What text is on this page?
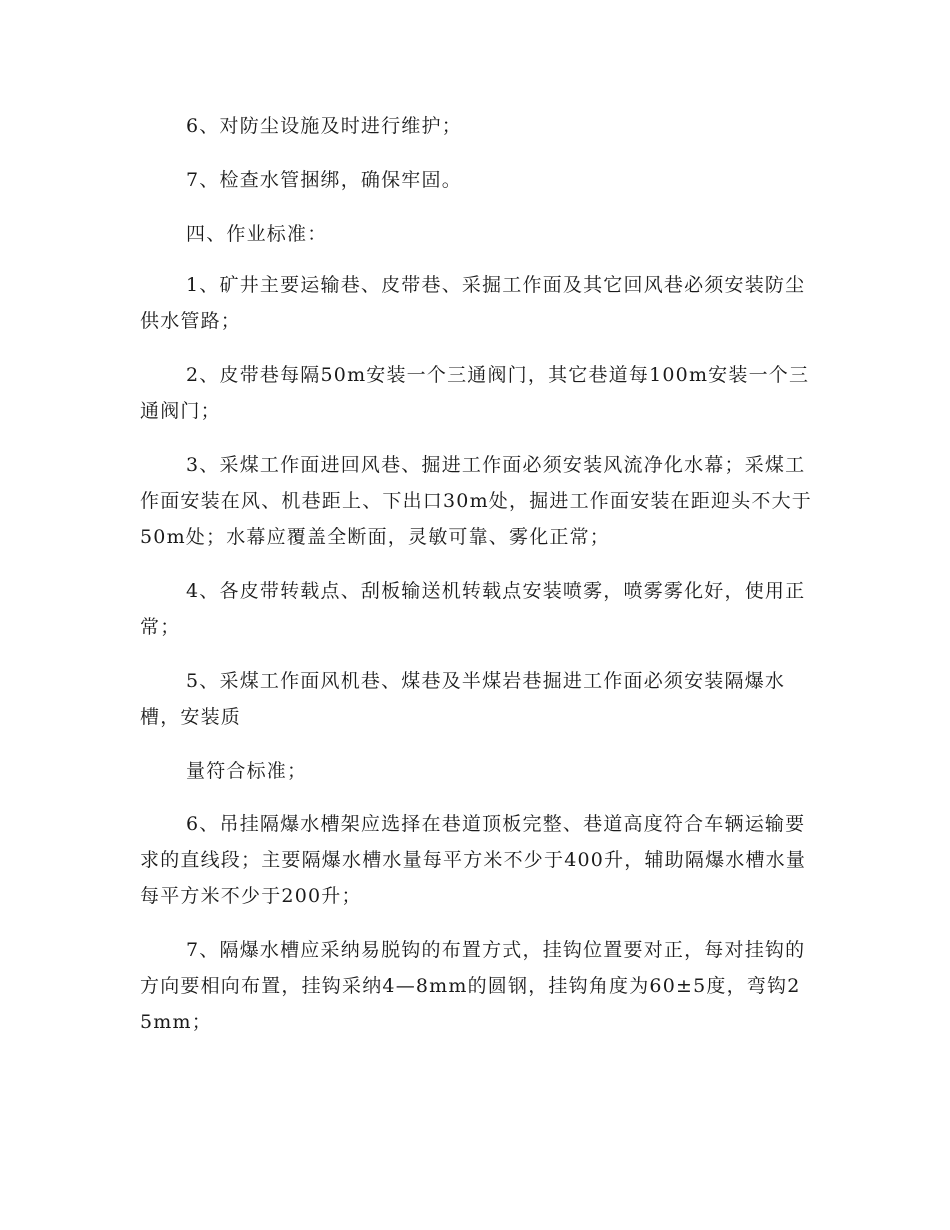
6、对防尘设施及时进行维护；

7、检查水管捆绑，确保牢固。

四、作业标准：

1、矿井主要运输巷、皮带巷、采掘工作面及其它回风巷必须安装防尘供水管路；

2、皮带巷每隔50m安装一个三通阀门，其它巷道每100m安装一个三通阀门；

3、采煤工作面进回风巷、掘进工作面必须安装风流净化水幕；采煤工作面安装在风、机巷距上、下出口30m处，掘进工作面安装在距迎头不大于50m处；水幕应覆盖全断面，灵敏可靠、雾化正常；

4、各皮带转载点、刮板输送机转载点安装喷雾，喷雾雾化好，使用正常；

5、采煤工作面风机巷、煤巷及半煤岩巷掘进工作面必须安装隔爆水槽，安装质

量符合标准；

6、吊挂隔爆水槽架应选择在巷道顶板完整、巷道高度符合车辆运输要求的直线段；主要隔爆水槽水量每平方米不少于400升，辅助隔爆水槽水量每平方米不少于200升；

7、隔爆水槽应采纳易脱钩的布置方式，挂钩位置要对正，每对挂钩的方向要相向布置，挂钩采纳4—8mm的圆钢，挂钩角度为60±5度，弯钩25mm；
